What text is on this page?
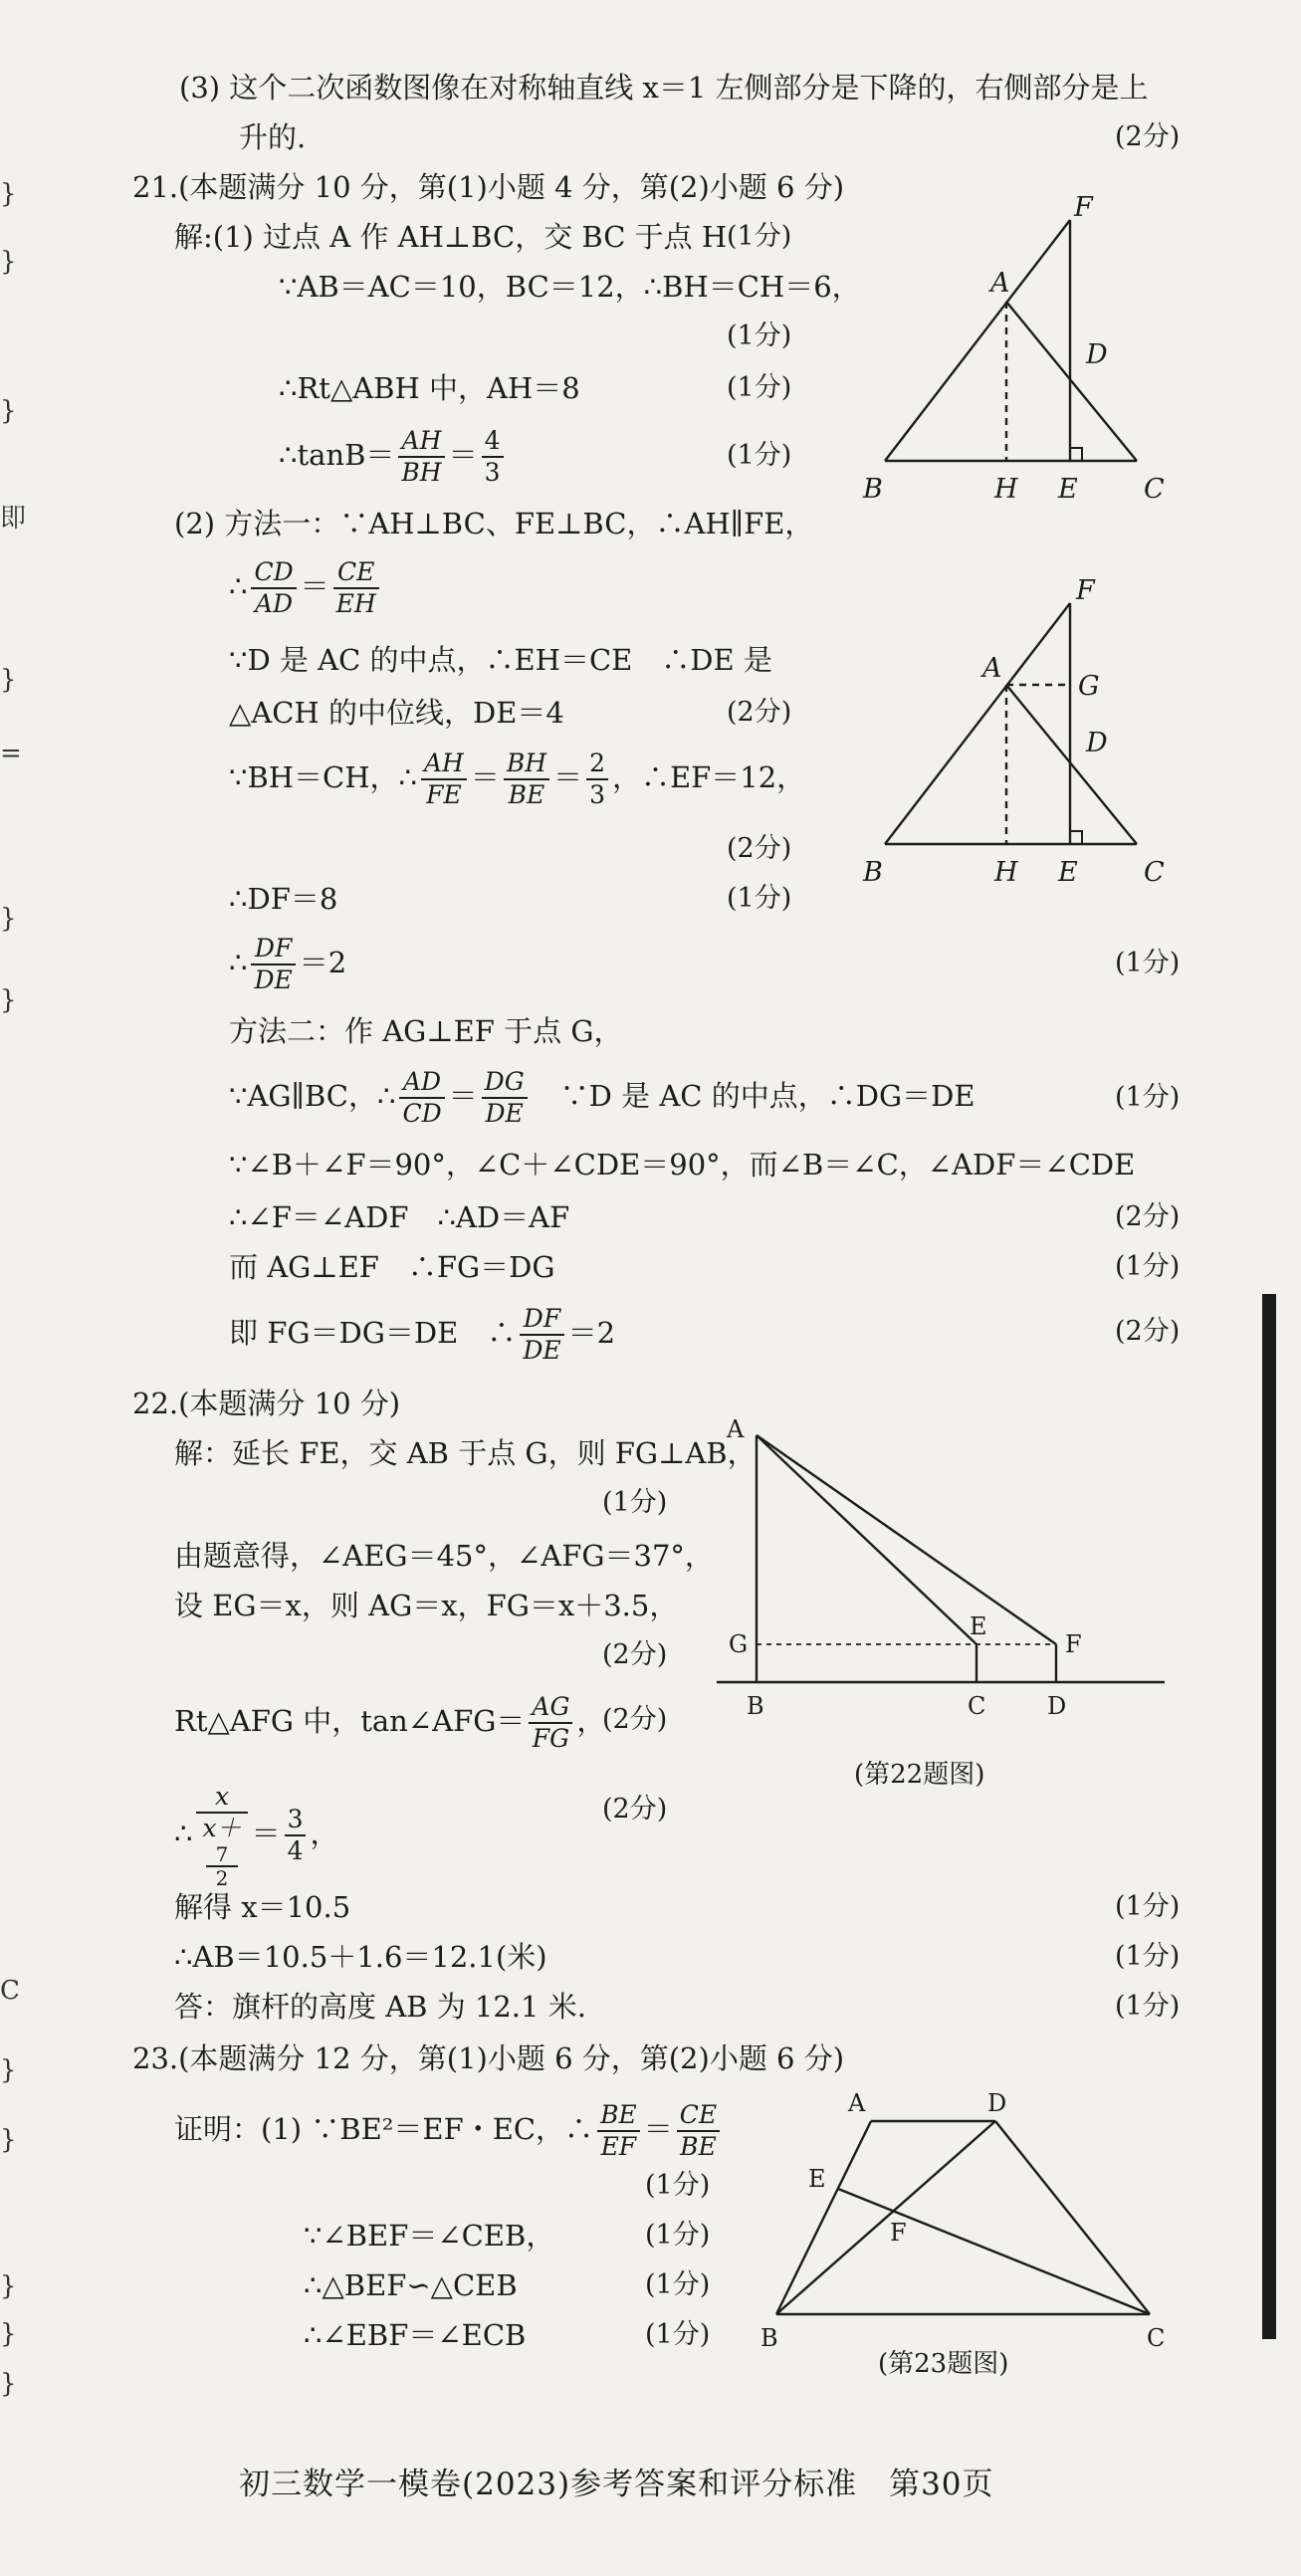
}
}
}
即
}
=
}
}
C
}
}
}
}
}
(3) 这个二次函数图像在对称轴直线 x＝1 左侧部分是下降的，右侧部分是上
升的.	(2分)
21.(本题满分 10 分，第(1)小题 4 分，第(2)小题 6 分)
解:(1) 过点 A 作 AH⊥BC，交 BC 于点 H (1分)
∵AB＝AC＝10，BC＝12，∴BH＝CH＝6，
(1分)
∴Rt△ABH 中，AH＝8	(1分)
∴tanB＝ $\frac{AH}{BH} = \frac{4}{3}$	(1分)
B
A
F
D
H E C
(2) 方法一：∵AH⊥BC、FE⊥BC，∴AH∥FE，
∴ $\frac{CD}{AD} = \frac{CE}{EH}$
∵D 是 AC 的中点，∴EH＝CE　∴DE 是
△ACH 的中位线，DE＝4	(2分)
∵BH＝CH，∴ $\frac{AH}{FE} = \frac{BH}{BE} = \frac{2}{3}$ ，∴EF＝12，
(2分)
∴DF＝8	(1分)
∴ $\frac{DF}{DE} =2$	(1分)
B
A
F
G
D
H E C
方法二：作 AG⊥EF 于点 G，
∵AG∥BC，∴ $\frac{AD}{CD} = \frac{DG}{DE}$ 　∵D 是 AC 的中点，∴DG＝DE	(1分)
∵∠B＋∠F＝90°，∠C＋∠CDE＝90°，而∠B＝∠C，∠ADF＝∠CDE
∴∠F＝∠ADF　∴AD＝AF	(2分)
而 AG⊥EF　∴FG＝DG	(1分)
即 FG＝DG＝DE　∴ $\frac{DF}{DE} =2$	(2分)
22.(本题满分 10 分)
解：延长 FE，交 AB 于点 G，则 FG⊥AB，
(1分)
由题意得，∠AEG＝45°，∠AFG＝37°，
设 EG＝x，则 AG＝x，FG＝x＋3.5，
(2分)
Rt△AFG 中，tan∠AFG＝ $\frac{AG}{FG}$ ，
(2分)
∴ x
x＋
7
$2 = \frac{3}{4}$ ，
(2分)
解得 x＝10.5	(1分)
∴AB＝10.5＋1.6＝12.1(米)	(1分)
答：旗杆的高度 AB 为 12.1 米.	(1分)
A
G
B
E
F
C	D
(第22题图)
23.(本题满分 12 分，第(1)小题 6 分，第(2)小题 6 分)
证明：(1) ∵BE²＝EF・EC，∴ $\frac{BE}{EF} = \frac{CE}{BE}$
(1分)
∵∠BEF＝∠CEB，	(1分)
∴△BEF∽△CEB	(1分)
∴∠EBF＝∠ECB	(1分)
A	D
E
F
B	C
(第23题图)
初三数学一模卷(2023)参考答案和评分标准　第30页
